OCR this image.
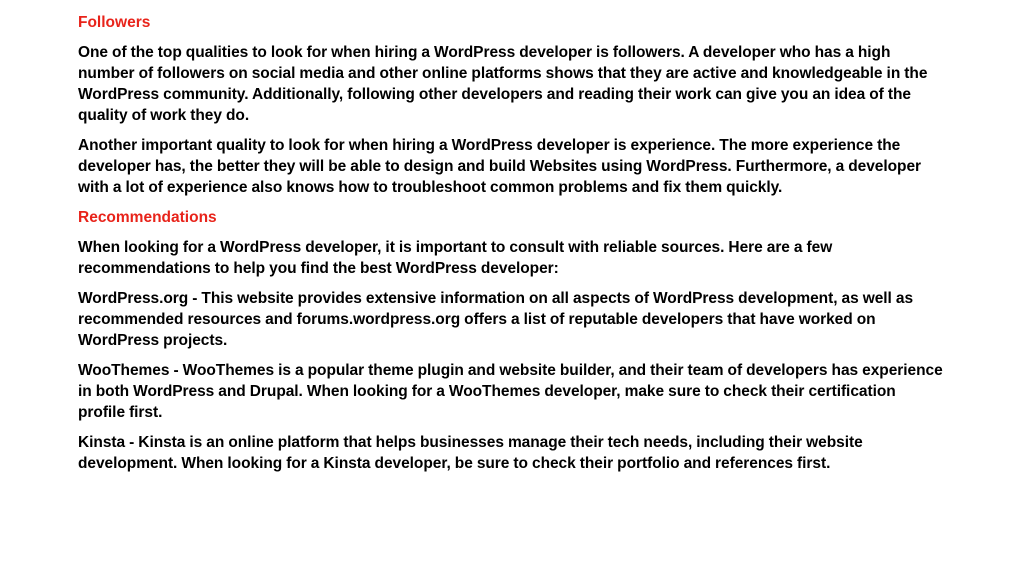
Followers

One of the top qualities to look for when hiring a WordPress developer is followers. A developer who has a high number of followers on social media and other online platforms shows that they are active and knowledgeable in the WordPress community. Additionally, following other developers and reading their work can give you an idea of the quality of work they do.

Another important quality to look for when hiring a WordPress developer is experience. The more experience the developer has, the better they will be able to design and build Websites using WordPress. Furthermore, a developer with a lot of experience also knows how to troubleshoot common problems and fix them quickly.

Recommendations

When looking for a WordPress developer, it is important to consult with reliable sources. Here are a few recommendations to help you find the best WordPress developer:

WordPress.org - This website provides extensive information on all aspects of WordPress development, as well as recommended resources and forums.wordpress.org offers a list of reputable developers that have worked on WordPress projects.

WooThemes - WooThemes is a popular theme plugin and website builder, and their team of developers has experience in both WordPress and Drupal. When looking for a WooThemes developer, make sure to check their certification profile first.

Kinsta - Kinsta is an online platform that helps businesses manage their tech needs, including their website development. When looking for a Kinsta developer, be sure to check their portfolio and references first.
